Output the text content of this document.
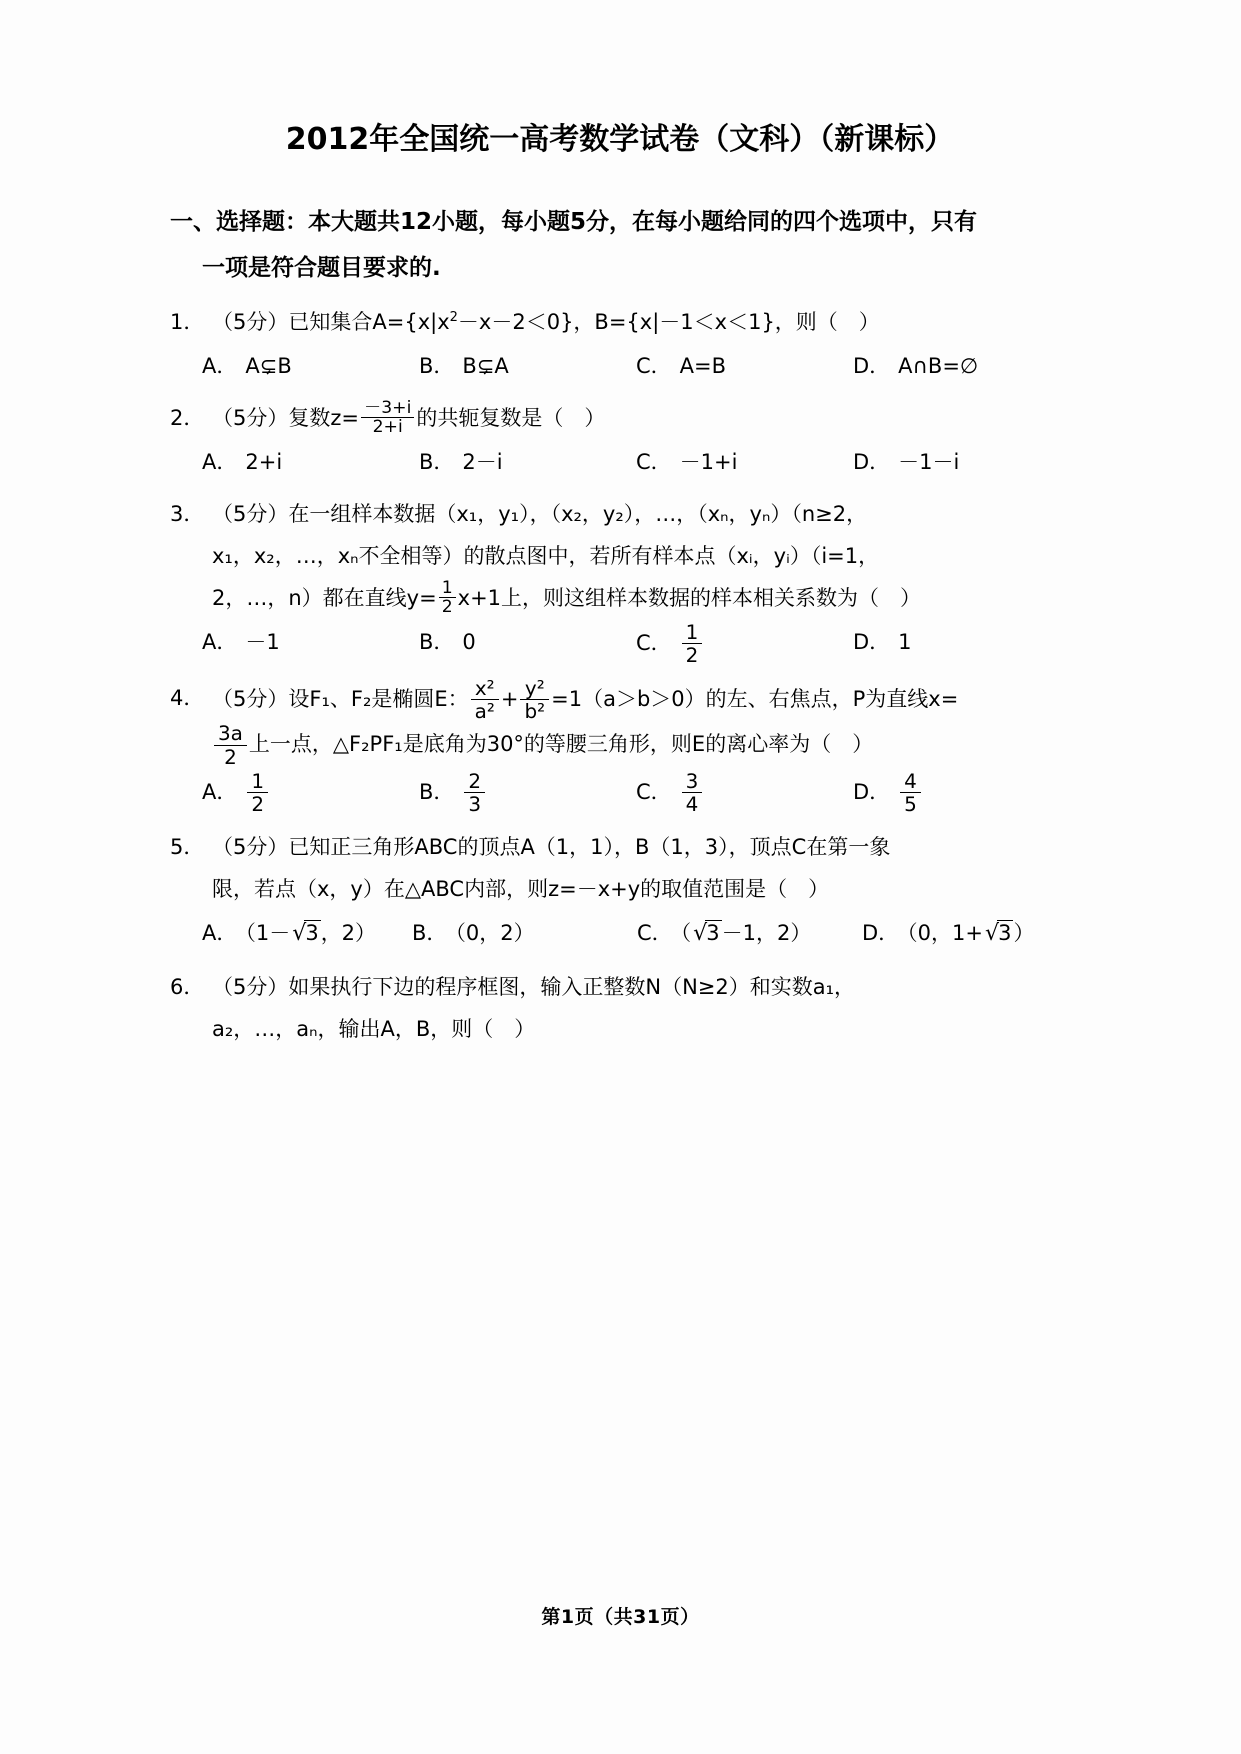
2012年全国统一高考数学试卷（文科）（新课标）
一、选择题：本大题共12小题，每小题5分，在每小题给同的四个选项中，只有
一项是符合题目要求的.
1． （5分）已知集合$A=\{x|x^2-x-2<0\}$，B={x|－1＜x＜1}，则（　）
A． A⊊B	B． B⊊A	C． A=B	D． A∩B=∅
2． （5分）复数$z= \frac{-3+i}{2+i}$ 的共轭复数是（　）
A． 2+i	B． 2－i	C． －1+i	D． －1－i
3． （5分）在一组样本数据（x₁，y₁），（x₂，y₂），…，（xₙ，yₙ）（n≥2，
x₁，x₂，…，xₙ不全相等）的散点图中，若所有样本点（xᵢ，yᵢ）（i=1，
2，…，n）都在直线$y= \frac{1}{2} x+1$上，则这组样本数据的样本相关系数为（　）
A． －1	B． 0	C． $\frac{1}{2}$	D． 1
4． （5分）设F₁、F₂是椭圆E： $\frac{\text{x²}}{\text{a²}} + \frac{\text{y²}}{\text{b²}} =1(a>b>0)$的左、右焦点，P为直线x=
$\frac{3a}{2}$ 上一点，△F₂PF₁是底角为30°的等腰三角形，则E的离心率为（　）
A． $\frac{1}{2}$	B． $\frac{2}{3}$	C． $\frac{3}{4}$	D． $\frac{4}{5}$
5． （5分）已知正三角形ABC的顶点A（1，1），B（1，3），顶点C在第一象
限，若点（x，y）在△ABC内部，则z=－x+y的取值范围是（　）
A． （1－√3，2）	B． （0，2）	C． （√3－1，2）	D． （0，1+√3）
6． （5分）如果执行下边的程序框图，输入正整数N（N≥2）和实数a₁，
a₂，…，aₙ，输出A，B，则（　）
第1页（共31页）
